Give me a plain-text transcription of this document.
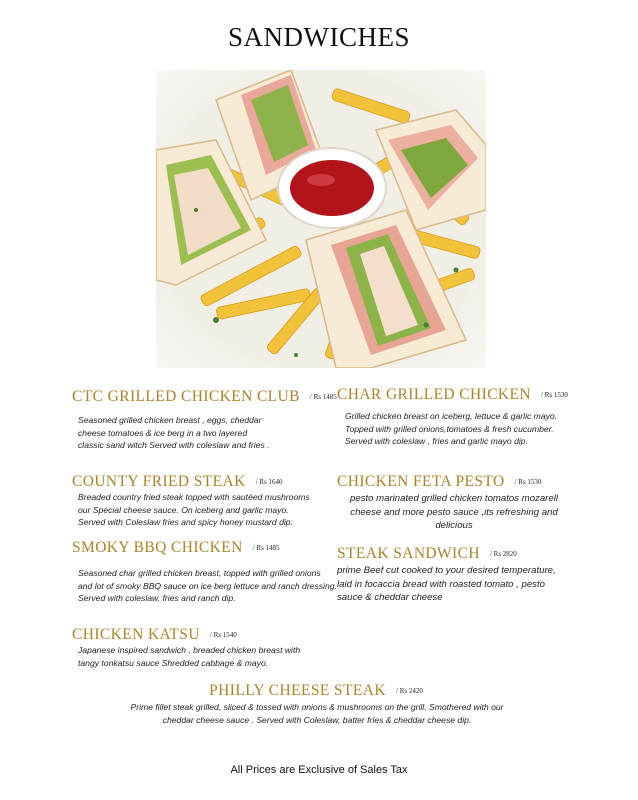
SANDWICHES
CTC GRILLED CHICKEN CLUB / Rs 1485
Seasoned grilled chicken breast , eggs, cheddar
cheese tomatoes & ice berg in a two layered
classic sand witch Served with coleslaw and fries .
CHAR GRILLED CHICKEN / Rs 1530
Grilled chicken breast on iceberg, lettuce & garlic mayo.
Topped with grilled onions,tomatoes & fresh cucumber.
Served with coleslaw , fries and garlic mayo dip.
COUNTY FRIED STEAK / Rs 1640
Breaded country fried steak topped with sautéed mushrooms
our Special cheese sauce. On iceberg and garlic mayo.
Served with Coleslaw fries and spicy honey mustard dip.
CHICKEN FETA PESTO / Rs 1530
pesto marinated grilled chicken tomatos mozarell
cheese and more pesto sauce ,its refreshing and
delicious
SMOKY BBQ CHICKEN / Rs 1485
Seasoned char grilled chicken breast, topped with grilled onions
and lot of smoky BBQ sauce on ice berg lettuce and ranch dressing.
Served with coleslaw, fries and ranch dip.
STEAK SANDWICH / Rs 2820
prime Beef cut cooked to your desired temperature,
laid in focaccia bread with roasted tomato , pesto
sauce & cheddar cheese
CHICKEN KATSU / Rs 1540
Japanese inspired sandwich , breaded chicken breast with
tangy tonkatsu sauce Shredded cabbage & mayo.
PHILLY CHEESE STEAK / Rs 2420
Prime fillet steak grilled, sliced & tossed with onions & mushrooms on the grill. Smothered with our
cheddar cheese sauce . Served with Coleslaw, batter fries & cheddar cheese dip.
All Prices are Exclusive of Sales Tax
